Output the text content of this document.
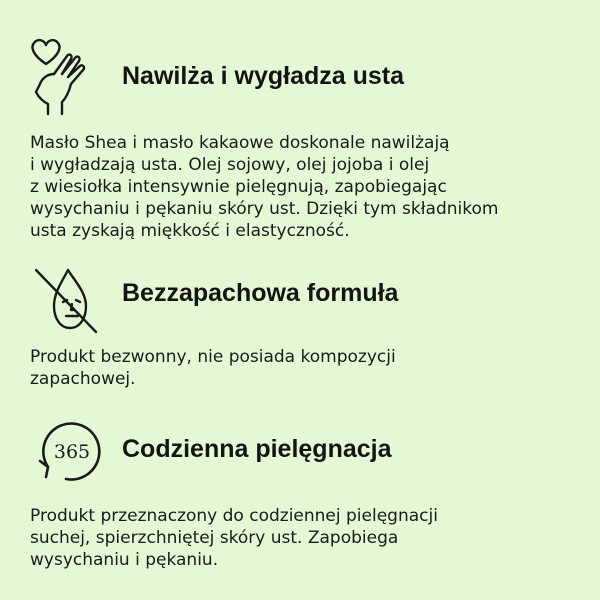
Nawilża i wygładza usta
Masło Shea i masło kakaowe doskonale nawilżają
i wygładzają usta. Olej sojowy, olej jojoba i olej
z wiesiołka intensywnie pielęgnują, zapobiegając
wysychaniu i pękaniu skóry ust. Dzięki tym składnikom
usta zyskają miękkość i elastyczność.
Bezzapachowa formuła
Produkt bezwonny, nie posiada kompozycji
zapachowej.
365 Codzienna pielęgnacja
Produkt przeznaczony do codziennej pielęgnacji
suchej, spierzchniętej skóry ust. Zapobiega
wysychaniu i pękaniu.
